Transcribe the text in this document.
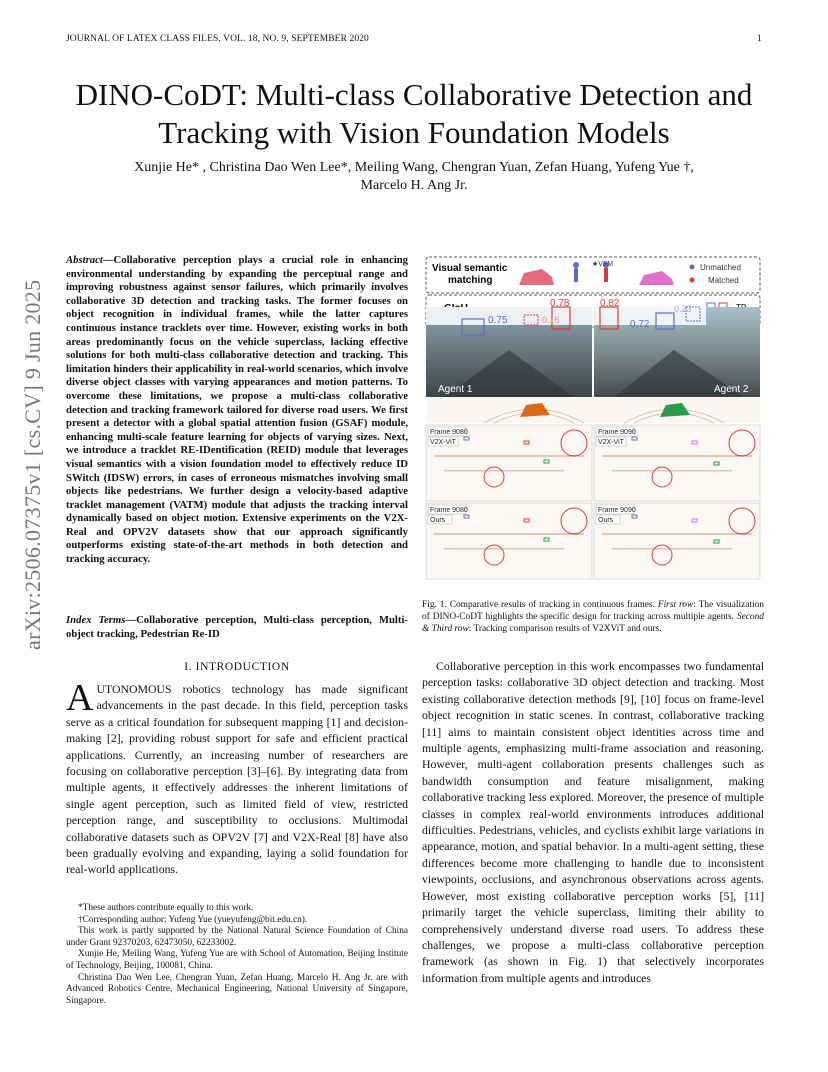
JOURNAL OF LATEX CLASS FILES, VOL. 18, NO. 9, SEPTEMBER 2020	1
arXiv:2506.07375v1 [cs.CV] 9 Jun 2025
DINO-CoDT: Multi-class Collaborative Detection and Tracking with Vision Foundation Models
Xunjie He* , Christina Dao Wen Lee*, Meiling Wang, Chengran Yuan, Zefan Huang, Yufeng Yue †, Marcelo H. Ang Jr.
Abstract—Collaborative perception plays a crucial role in enhancing environmental understanding by expanding the perceptual range and improving robustness against sensor failures, which primarily involves collaborative 3D detection and tracking tasks. The former focuses on object recognition in individual frames, while the latter captures continuous instance tracklets over time. However, existing works in both areas predominantly focus on the vehicle superclass, lacking effective solutions for both multi-class collaborative detection and tracking. This limitation hinders their applicability in real-world scenarios, which involve diverse object classes with varying appearances and motion patterns. To overcome these limitations, we propose a multi-class collaborative detection and tracking framework tailored for diverse road users. We first present a detector with a global spatial attention fusion (GSAF) module, enhancing multi-scale feature learning for objects of varying sizes. Next, we introduce a tracklet RE-IDentification (REID) module that leverages visual semantics with a vision foundation model to effectively reduce ID SWitch (IDSW) errors, in cases of erroneous mismatches involving small objects like pedestrians. We further design a velocity-based adaptive tracklet management (VATM) module that adjusts the tracking interval dynamically based on object motion. Extensive experiments on the V2X-Real and OPV2V datasets show that our approach significantly outperforms existing state-of-the-art methods in both detection and tracking accuracy.
Index Terms—Collaborative perception, Multi-class perception, Multi-object tracking, Pedestrian Re-ID
I. INTRODUCTION
AUTONOMOUS robotics technology has made significant advancements in the past decade. In this field, perception tasks serve as a critical foundation for subsequent mapping [1] and decision-making [2], providing robust support for safe and efficient practical applications. Currently, an increasing number of researchers are focusing on collaborative perception [3]–[6]. By integrating data from multiple agents, it effectively addresses the inherent limitations of single agent perception, such as limited field of view, restricted perception range, and susceptibility to occlusions. Multimodal collaborative datasets such as OPV2V [7] and V2X-Real [8] have also been gradually evolving and expanding, laying a solid foundation for real-world applications.

*These authors contribute equally to this work.

†Corresponding author: Yufeng Yue (yueyufeng@bit.edu.cn).

This work is partly supported by the National Natural Science Foundation of China under Grant 92370203, 62473050, 62233002.

Xunjie He, Meiling Wang, Yufeng Yue are with School of Automation, Beijing Institute of Technology, Beijing, 100081, China.

Christina Dao Wen Lee, Chengran Yuan, Zefan Huang, Marcelo H. Ang Jr. are with Advanced Robotics Centre, Mechanical Engineering, National University of Singapore, Singapore.

Visual semantic
matching
★VFM	Unmatched
Matched
0.75
0.78
0.16
0.82
0.72
0.23
Agent 1	Agent 2
Frame 9080
V2X-ViT
Frame 9090
V2X-ViT
Frame 9080
Ours
Frame 9090
Ours
Fig. 1. Comparative results of tracking in continuous frames. First row: The visualization of DINO-CoDT highlights the specific design for tracking across multiple agents. Second & Third row: Tracking comparison results of V2XViT and ours.
Collaborative perception in this work encompasses two fundamental perception tasks: collaborative 3D object detection and tracking. Most existing collaborative detection methods [9], [10] focus on frame-level object recognition in static scenes. In contrast, collaborative tracking [11] aims to maintain consistent object identities across time and multiple agents, emphasizing multi-frame association and reasoning. However, multi-agent collaboration presents challenges such as bandwidth consumption and feature misalignment, making collaborative tracking less explored. Moreover, the presence of multiple classes in complex real-world environments introduces additional difficulties. Pedestrians, vehicles, and cyclists exhibit large variations in appearance, motion, and spatial behavior. In a multi-agent setting, these differences become more challenging to handle due to inconsistent viewpoints, occlusions, and asynchronous observations across agents. However, most existing collaborative perception works [5], [11] primarily target the vehicle superclass, limiting their ability to comprehensively understand diverse road users. To address these challenges, we propose a multi-class collaborative perception framework (as shown in Fig. 1) that selectively incorporates information from multiple agents and introduces
